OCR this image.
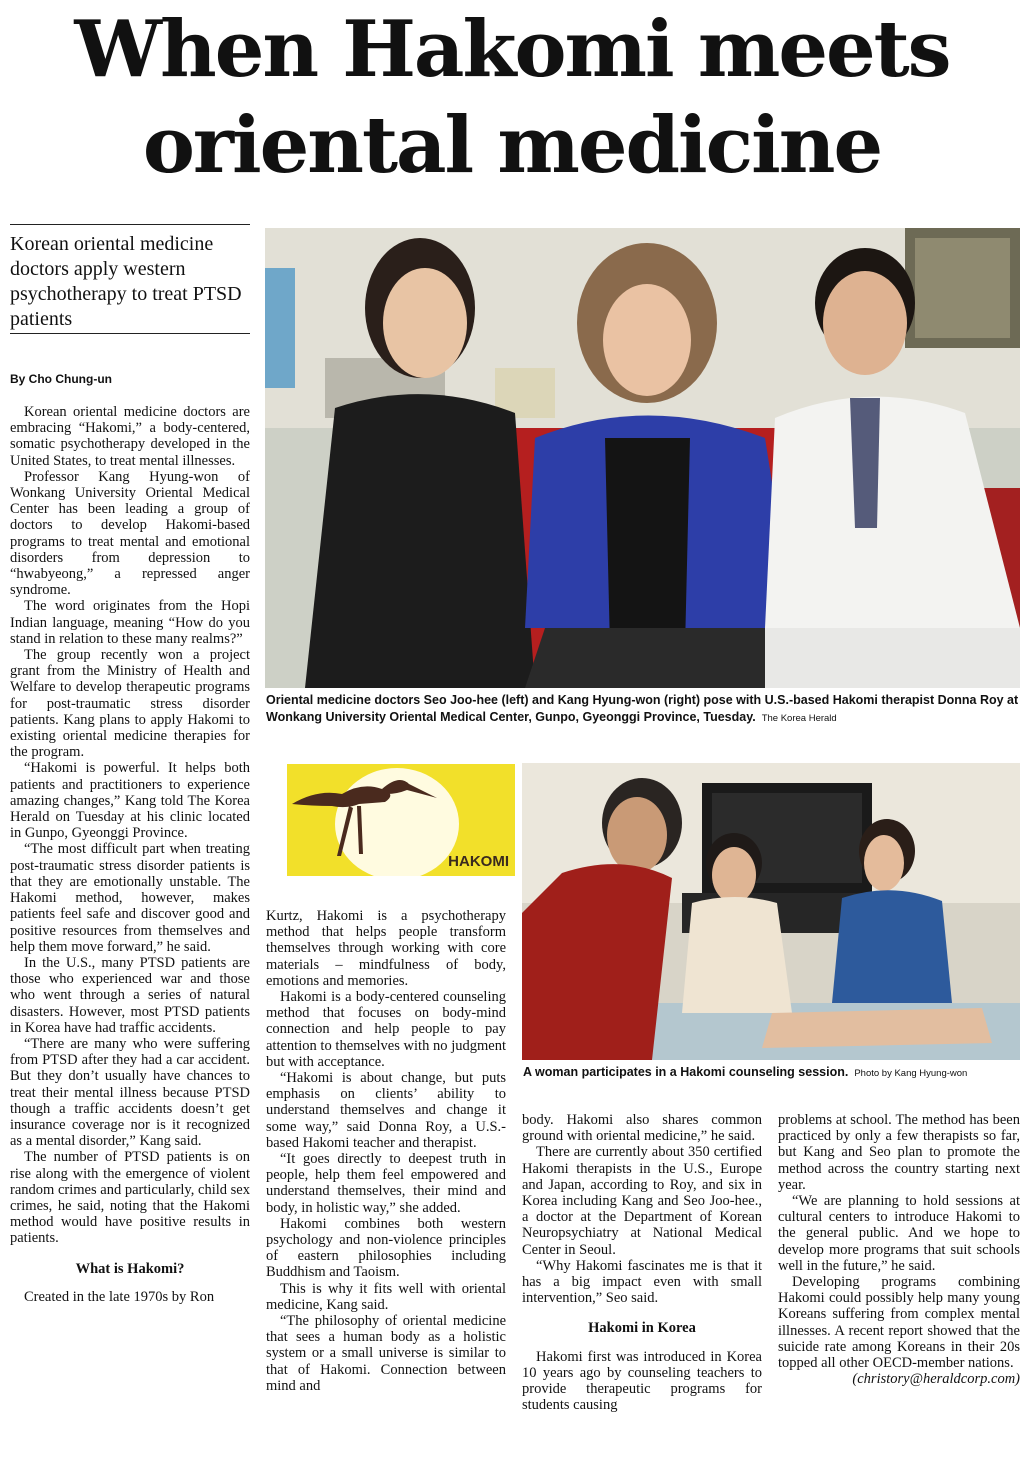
When Hakomi meets
oriental medicine
Korean oriental medicine doctors apply western psychotherapy to treat PTSD patients
By Cho Chung-un
Oriental medicine doctors Seo Joo-hee (left) and Kang Hyung-won (right) pose with U.S.-based Hakomi therapist Donna Roy at Wonkang University Oriental Medical Center, Gunpo, Gyeonggi Province, Tuesday. The Korea Herald
HAKOMI
A woman participates in a Hakomi counseling session. Photo by Kang Hyung-won

Korean oriental medicine doctors are embracing “Hakomi,” a body-centered, somatic psychotherapy developed in the United States, to treat mental illnesses.

Professor Kang Hyung-won of Wonkang University Oriental Medical Center has been leading a group of doctors to develop Hakomi-based programs to treat mental and emotional disorders from depression to “hwabyeong,” a repressed anger syndrome.

The word originates from the Hopi Indian language, meaning “How do you stand in relation to these many realms?”

The group recently won a project grant from the Ministry of Health and Welfare to develop therapeutic programs for post-traumatic stress disorder patients. Kang plans to apply Hakomi to existing oriental medicine therapies for the program.

“Hakomi is powerful. It helps both patients and practitioners to experience amazing changes,” Kang told The Korea Herald on Tuesday at his clinic located in Gunpo, Gyeonggi Province.

“The most difficult part when treating post-traumatic stress disorder patients is that they are emotionally unstable. The Hakomi method, however, makes patients feel safe and discover good and positive resources from themselves and help them move forward,” he said.

In the U.S., many PTSD patients are those who experienced war and those who went through a series of natural disasters. However, most PTSD patients in Korea have had traffic accidents.

“There are many who were suffering from PTSD after they had a car accident. But they don’t usually have chances to treat their mental illness because PTSD though a traffic accidents doesn’t get insurance coverage nor is it recognized as a mental disorder,” Kang said.

The number of PTSD patients is on rise along with the emergence of violent random crimes and particularly, child sex crimes, he said, noting that the Hakomi method would have positive results in patients.

What is Hakomi?

Created in the late 1970s by Ron

Kurtz, Hakomi is a psychotherapy method that helps people transform themselves through working with core materials – mindfulness of body, emotions and memories.

Hakomi is a body-centered counseling method that focuses on body-mind connection and help people to pay attention to themselves with no judgment but with acceptance.

“Hakomi is about change, but puts emphasis on clients’ ability to understand themselves and change it some way,” said Donna Roy, a U.S.-based Hakomi teacher and therapist.

“It goes directly to deepest truth in people, help them feel empowered and understand themselves, their mind and body, in holistic way,” she added.

Hakomi combines both western psychology and non-violence principles of eastern philosophies including Buddhism and Taoism.

This is why it fits well with oriental medicine, Kang said.

“The philosophy of oriental medicine that sees a human body as a holistic system or a small universe is similar to that of Hakomi. Connection between mind and

body. Hakomi also shares common ground with oriental medicine,” he said.

There are currently about 350 certified Hakomi therapists in the U.S., Europe and Japan, according to Roy, and six in Korea including Kang and Seo Joo-hee., a doctor at the Department of Korean Neuropsychiatry at National Medical Center in Seoul.

“Why Hakomi fascinates me is that it has a big impact even with small intervention,” Seo said.

Hakomi in Korea

Hakomi first was introduced in Korea 10 years ago by counseling teachers to provide therapeutic programs for students causing

problems at school. The method has been practiced by only a few therapists so far, but Kang and Seo plan to promote the method across the country starting next year.

“We are planning to hold sessions at cultural centers to introduce Hakomi to the general public. And we hope to develop more programs that suit schools well in the future,” he said.

Developing programs combining Hakomi could possibly help many young Koreans suffering from complex mental illnesses. A recent report showed that the suicide rate among Koreans in their 20s topped all other OECD-member nations.

(christory@heraldcorp.com)
